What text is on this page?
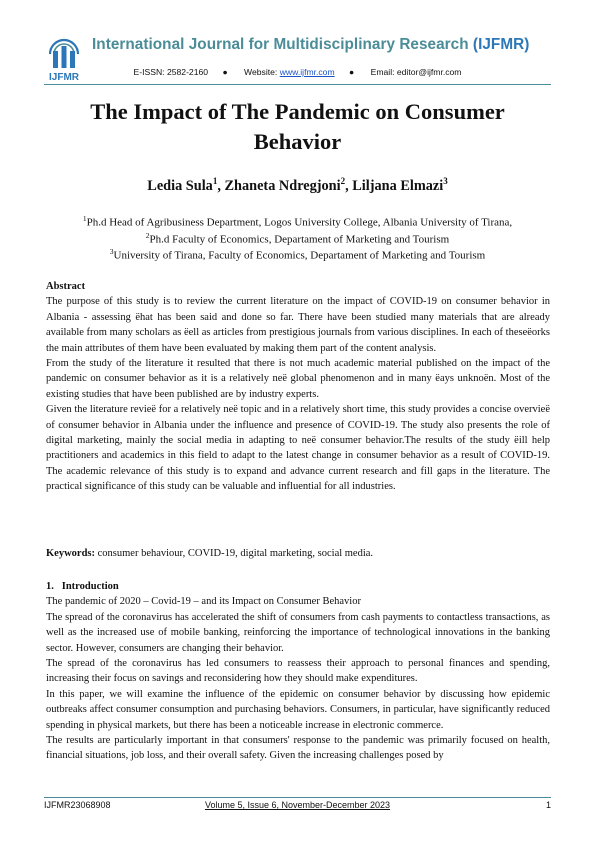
IJFMR
International Journal for Multidisciplinary Research (IJFMR)
E-ISSN: 2582-2160 ● Website: www.ijfmr.com ● Email: editor@ijfmr.com
The Impact of The Pandemic on Consumer
Behavior
Ledia Sula$^1$, Zhaneta Ndregjoni$^2$, Liljana Elmazi$^3$
$^1$Ph.d Head of Agribusiness Department, Logos University College, Albania University of Tirana,
$^2$Ph.d Faculty of Economics, Departament of Marketing and Tourism
$^3$University of Tirana, Faculty of Economics, Departament of Marketing and Tourism

Abstract

The purpose of this study is to review the current literature on the impact of COVID-19 on consumer behavior in Albania - assessing ëhat has been said and done so far. There have been studied many materials that are already available from many scholars as ëell as articles from prestigious journals from various disciplines. In each of theseëorks the main attributes of them have been evaluated by making them part of the content analysis.

From the study of the literature it resulted that there is not much academic material published on the impact of the pandemic on consumer behavior as it is a relatively neë global phenomenon and in many ëays unknoën. Most of the existing studies that have been published are by industry experts.

Given the literature revieë for a relatively neë topic and in a relatively short time, this study provides a concise overvieë of consumer behavior in Albania under the influence and presence of COVID-19. The study also presents the role of digital marketing, mainly the social media in adapting to neë consumer behavior.The results of the study ëill help practitioners and academics in this field to adapt to the latest change in consumer behavior as a result of COVID-19. The academic relevance of this study is to expand and advance current research and fill gaps in the literature. The practical significance of this study can be valuable and influential for all industries.

Keywords: consumer behaviour, COVID-19, digital marketing, social media.

1.   Introduction

The pandemic of 2020 – Covid-19 – and its Impact on Consumer Behavior

The spread of the coronavirus has accelerated the shift of consumers from cash payments to contactless transactions, as well as the increased use of mobile banking, reinforcing the importance of technological innovations in the banking sector. However, consumers are changing their behavior.

The spread of the coronavirus has led consumers to reassess their approach to personal finances and spending, increasing their focus on savings and reconsidering how they should make expenditures.

In this paper, we will examine the influence of the epidemic on consumer behavior by discussing how epidemic outbreaks affect consumer consumption and purchasing behaviors. Consumers, in particular, have significantly reduced spending in physical markets, but there has been a noticeable increase in electronic commerce.

The results are particularly important in that consumers' response to the pandemic was primarily focused on health, financial situations, job loss, and their overall safety. Given the increasing challenges posed by

IJFMR23068908	Volume 5, Issue 6, November-December 2023	1
